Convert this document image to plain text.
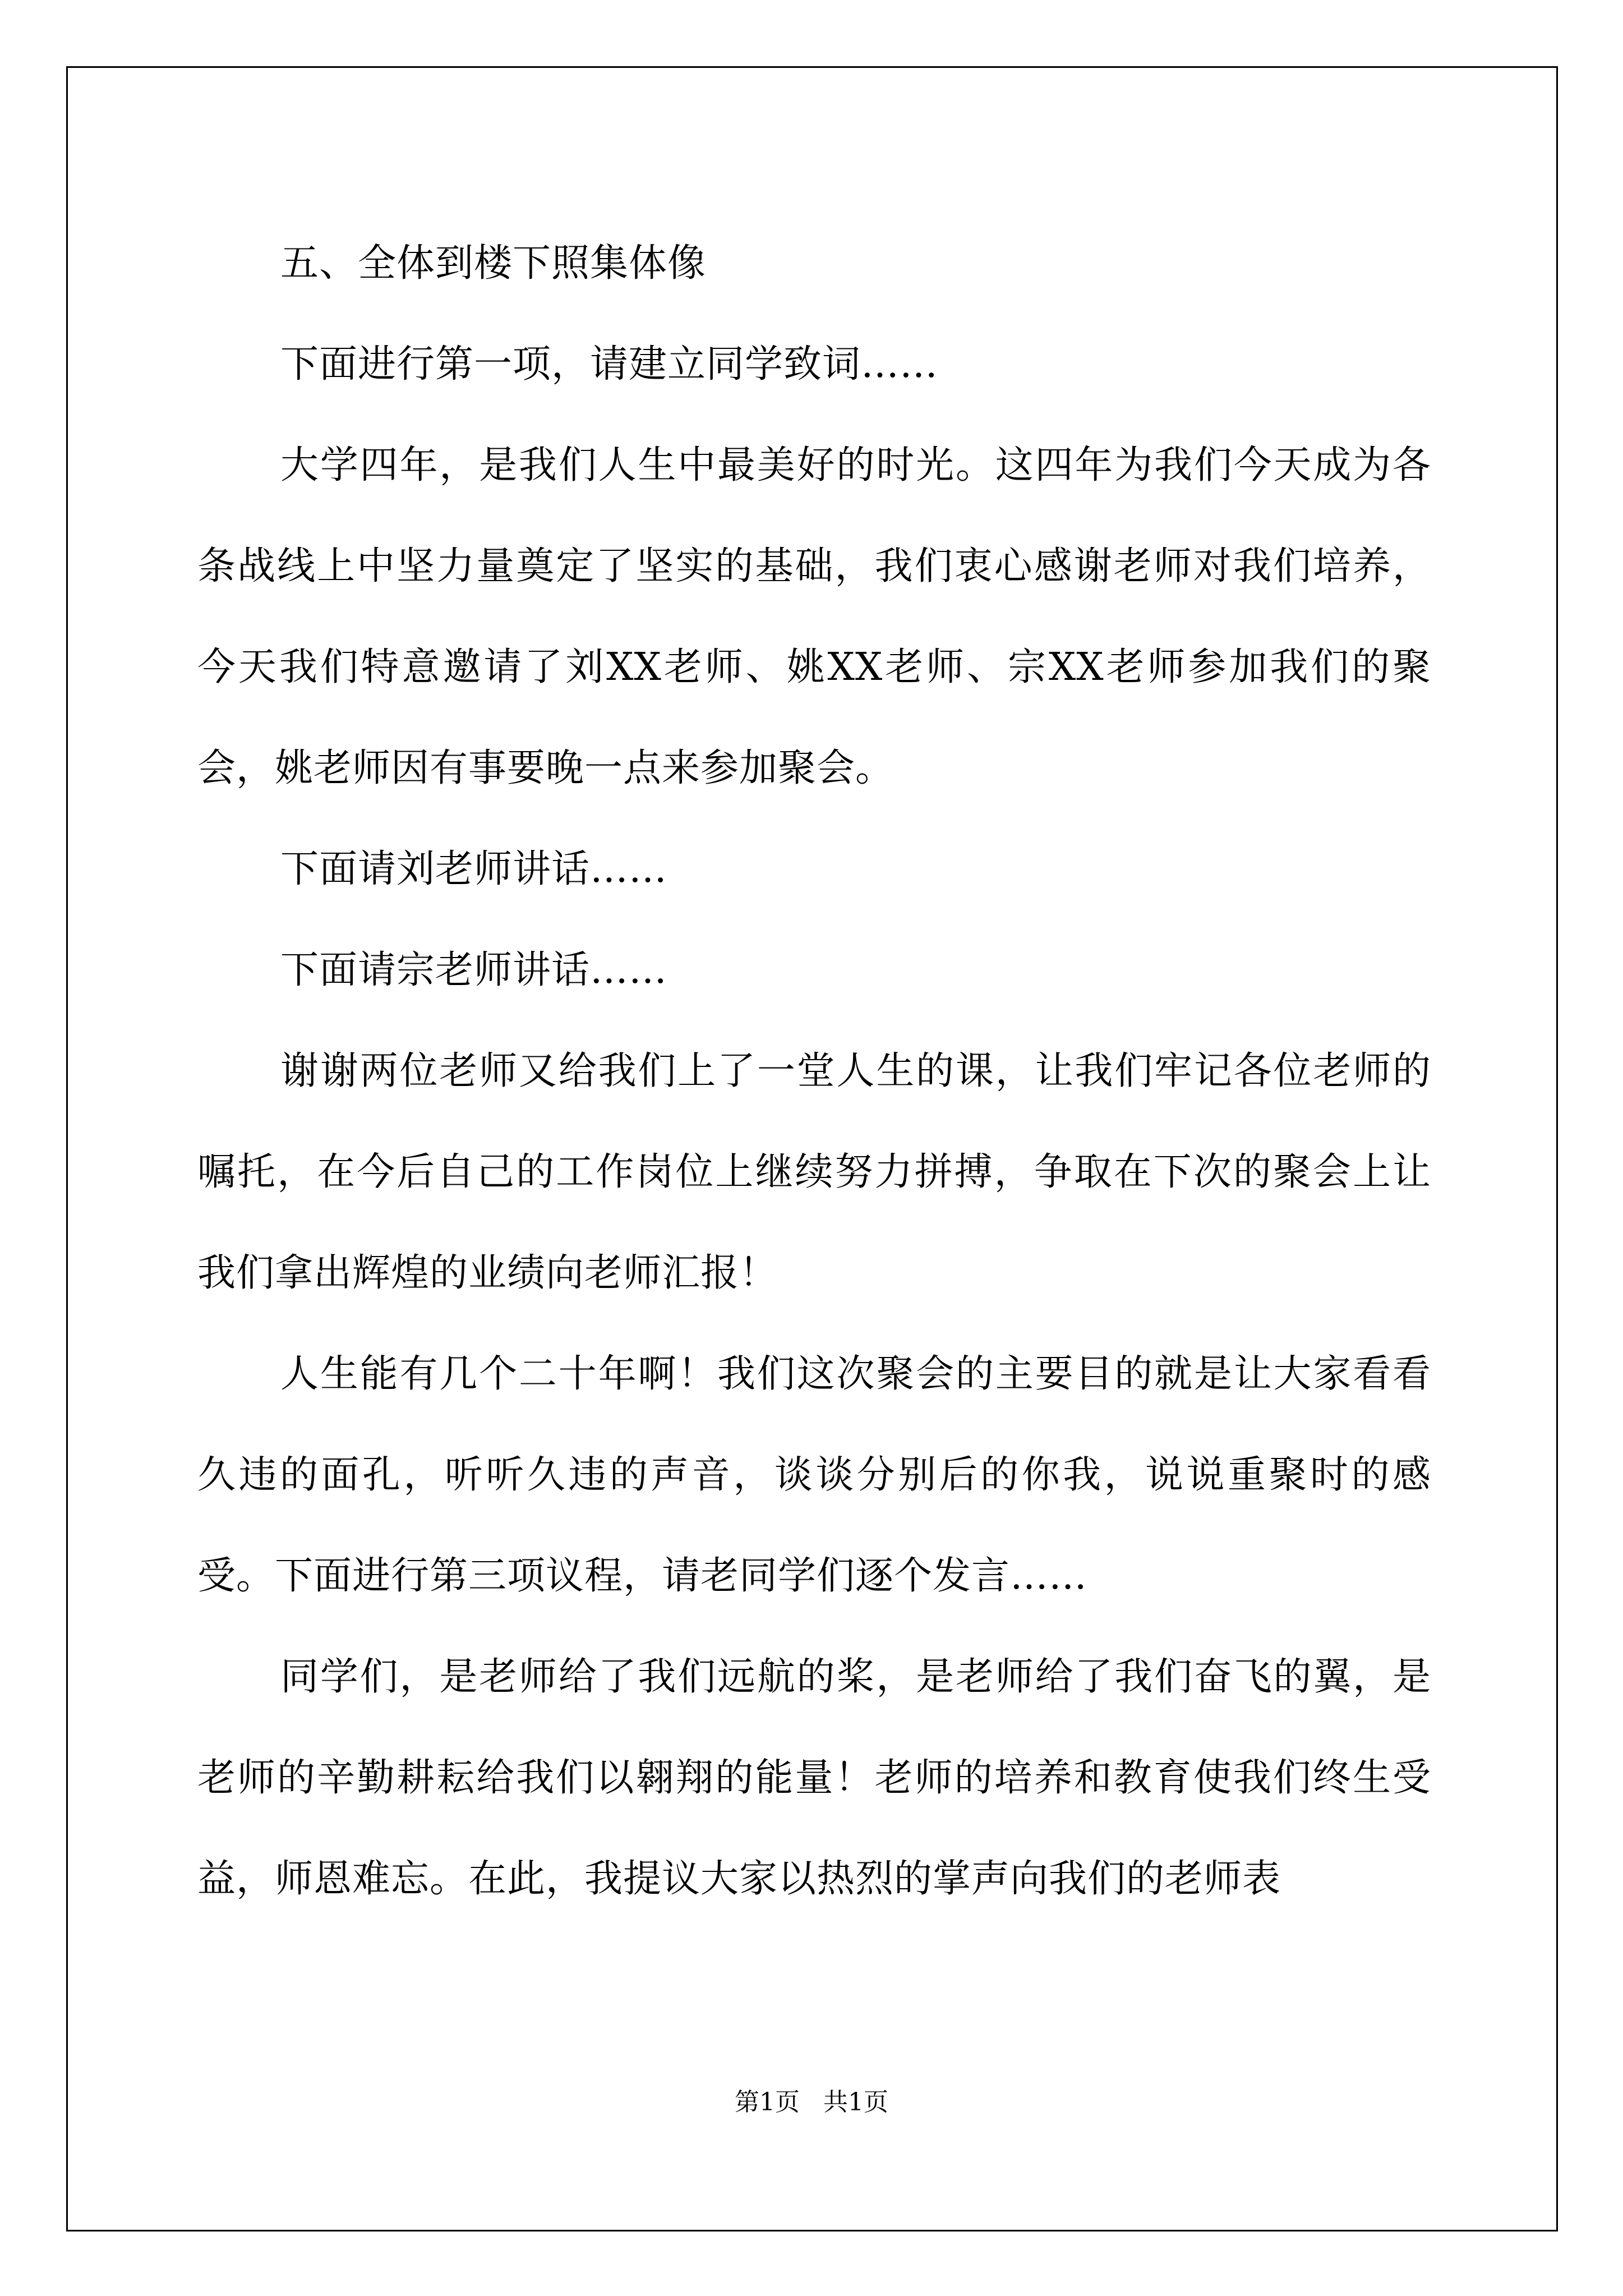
五、全体到楼下照集体像

下面进行第一项，请建立同学致词……

大学四年，是我们人生中最美好的时光。这四年为我们今天成为各条战线上中坚力量奠定了坚实的基础，我们衷心感谢老师对我们培养，今天我们特意邀请了刘XX老师、姚XX老师、宗XX老师参加我们的聚会，姚老师因有事要晚一点来参加聚会。

下面请刘老师讲话……

下面请宗老师讲话……

谢谢两位老师又给我们上了一堂人生的课，让我们牢记各位老师的嘱托，在今后自己的工作岗位上继续努力拼搏，争取在下次的聚会上让我们拿出辉煌的业绩向老师汇报！

人生能有几个二十年啊！我们这次聚会的主要目的就是让大家看看久违的面孔，听听久违的声音，谈谈分别后的你我，说说重聚时的感受。下面进行第三项议程，请老同学们逐个发言……

同学们，是老师给了我们远航的桨，是老师给了我们奋飞的翼，是老师的辛勤耕耘给我们以翱翔的能量！老师的培养和教育使我们终生受益，师恩难忘。在此，我提议大家以热烈的掌声向我们的老师表

第1页 共1页
